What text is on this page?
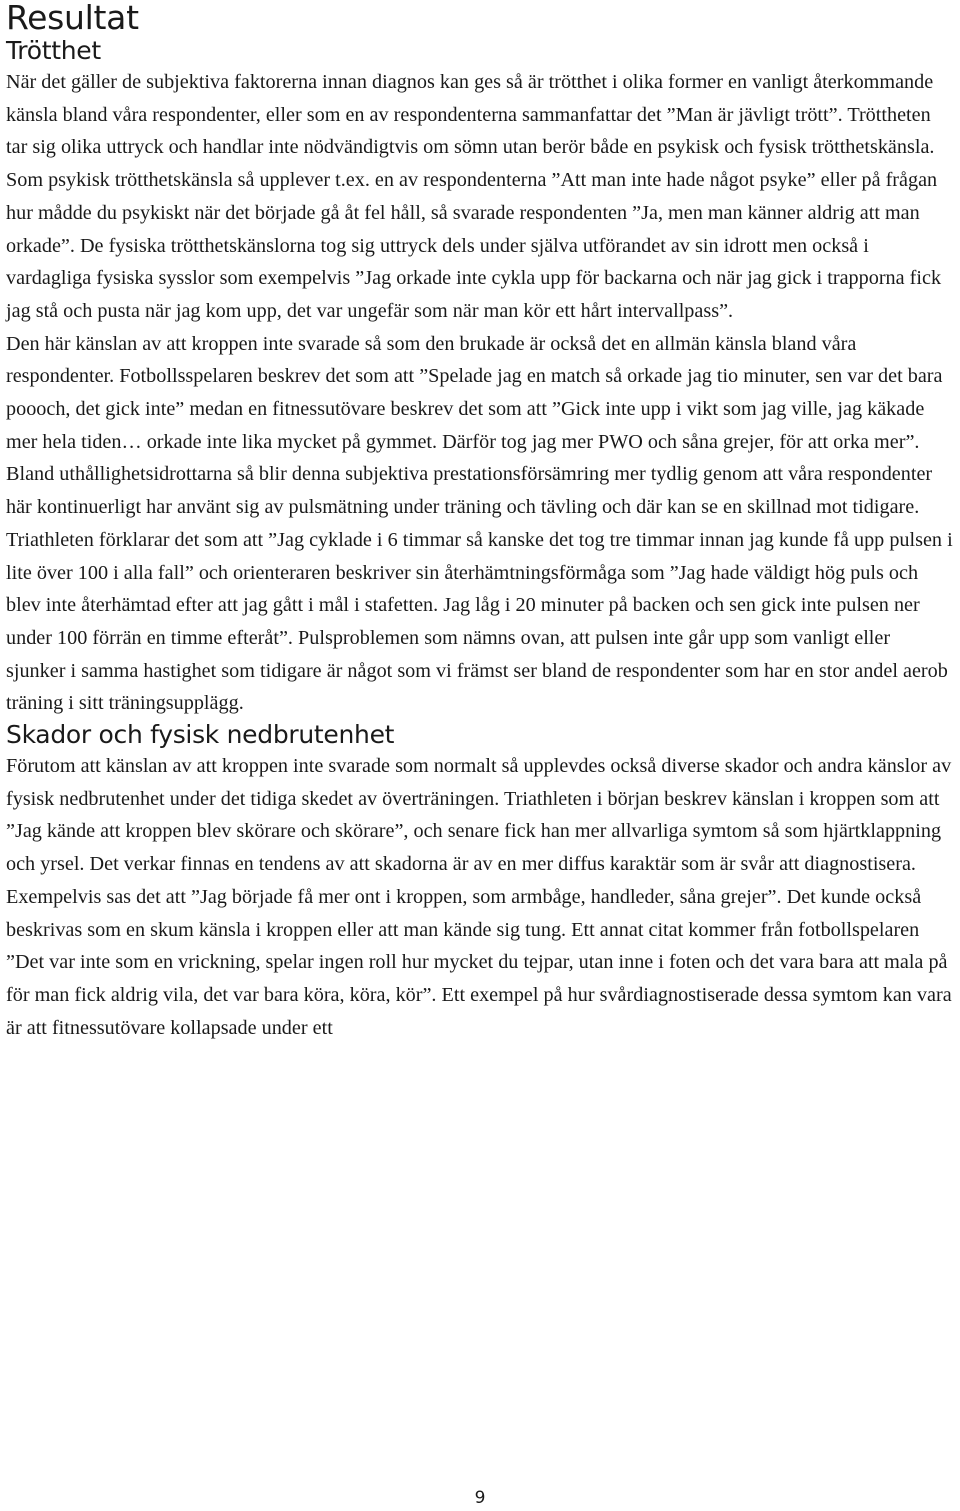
Resultat
Trötthet

När det gäller de subjektiva faktorerna innan diagnos kan ges så är trötthet i olika former en vanligt återkommande känsla bland våra respondenter, eller som en av respondenterna sammanfattar det ”Man är jävligt trött”. Tröttheten tar sig olika uttryck och handlar inte nödvändigtvis om sömn utan berör både en psykisk och fysisk trötthetskänsla. Som psykisk trötthetskänsla så upplever t.ex. en av respondenterna ”Att man inte hade något psyke” eller på frågan hur mådde du psykiskt när det började gå åt fel håll, så svarade respondenten ”Ja, men man känner aldrig att man orkade”. De fysiska trötthetskänslorna tog sig uttryck dels under själva utförandet av sin idrott men också i vardagliga fysiska sysslor som exempelvis ”Jag orkade inte cykla upp för backarna och när jag gick i trapporna fick jag stå och pusta när jag kom upp, det var ungefär som när man kör ett hårt intervallpass”.

Den här känslan av att kroppen inte svarade så som den brukade är också det en allmän känsla bland våra respondenter. Fotbollsspelaren beskrev det som att ”Spelade jag en match så orkade jag tio minuter, sen var det bara poooch, det gick inte” medan en fitnessutövare beskrev det som att ”Gick inte upp i vikt som jag ville, jag käkade mer hela tiden… orkade inte lika mycket på gymmet. Därför tog jag mer PWO och såna grejer, för att orka mer”. Bland uthållighetsidrottarna så blir denna subjektiva prestationsförsämring mer tydlig genom att våra respondenter här kontinuerligt har använt sig av pulsmätning under träning och tävling och där kan se en skillnad mot tidigare. Triathleten förklarar det som att ”Jag cyklade i 6 timmar så kanske det tog tre timmar innan jag kunde få upp pulsen i lite över 100 i alla fall” och orienteraren beskriver sin återhämtningsförmåga som ”Jag hade väldigt hög puls och blev inte återhämtad efter att jag gått i mål i stafetten. Jag låg i 20 minuter på backen och sen gick inte pulsen ner under 100 förrän en timme efteråt”. Pulsproblemen som nämns ovan, att pulsen inte går upp som vanligt eller sjunker i samma hastighet som tidigare är något som vi främst ser bland de respondenter som har en stor andel aerob träning i sitt träningsupplägg.

Skador och fysisk nedbrutenhet

Förutom att känslan av att kroppen inte svarade som normalt så upplevdes också diverse skador och andra känslor av fysisk nedbrutenhet under det tidiga skedet av överträningen. Triathleten i början beskrev känslan i kroppen som att ”Jag kände att kroppen blev skörare och skörare”, och senare fick han mer allvarliga symtom så som hjärtklappning och yrsel. Det verkar finnas en tendens av att skadorna är av en mer diffus karaktär som är svår att diagnostisera. Exempelvis sas det att ”Jag började få mer ont i kroppen, som armbåge, handleder, såna grejer”. Det kunde också beskrivas som en skum känsla i kroppen eller att man kände sig tung. Ett annat citat kommer från fotbollspelaren ”Det var inte som en vrickning, spelar ingen roll hur mycket du tejpar, utan inne i foten och det vara bara att mala på för man fick aldrig vila, det var bara köra, köra, kör”. Ett exempel på hur svårdiagnostiserade dessa symtom kan vara är att fitnessutövare kollapsade under ett

9
